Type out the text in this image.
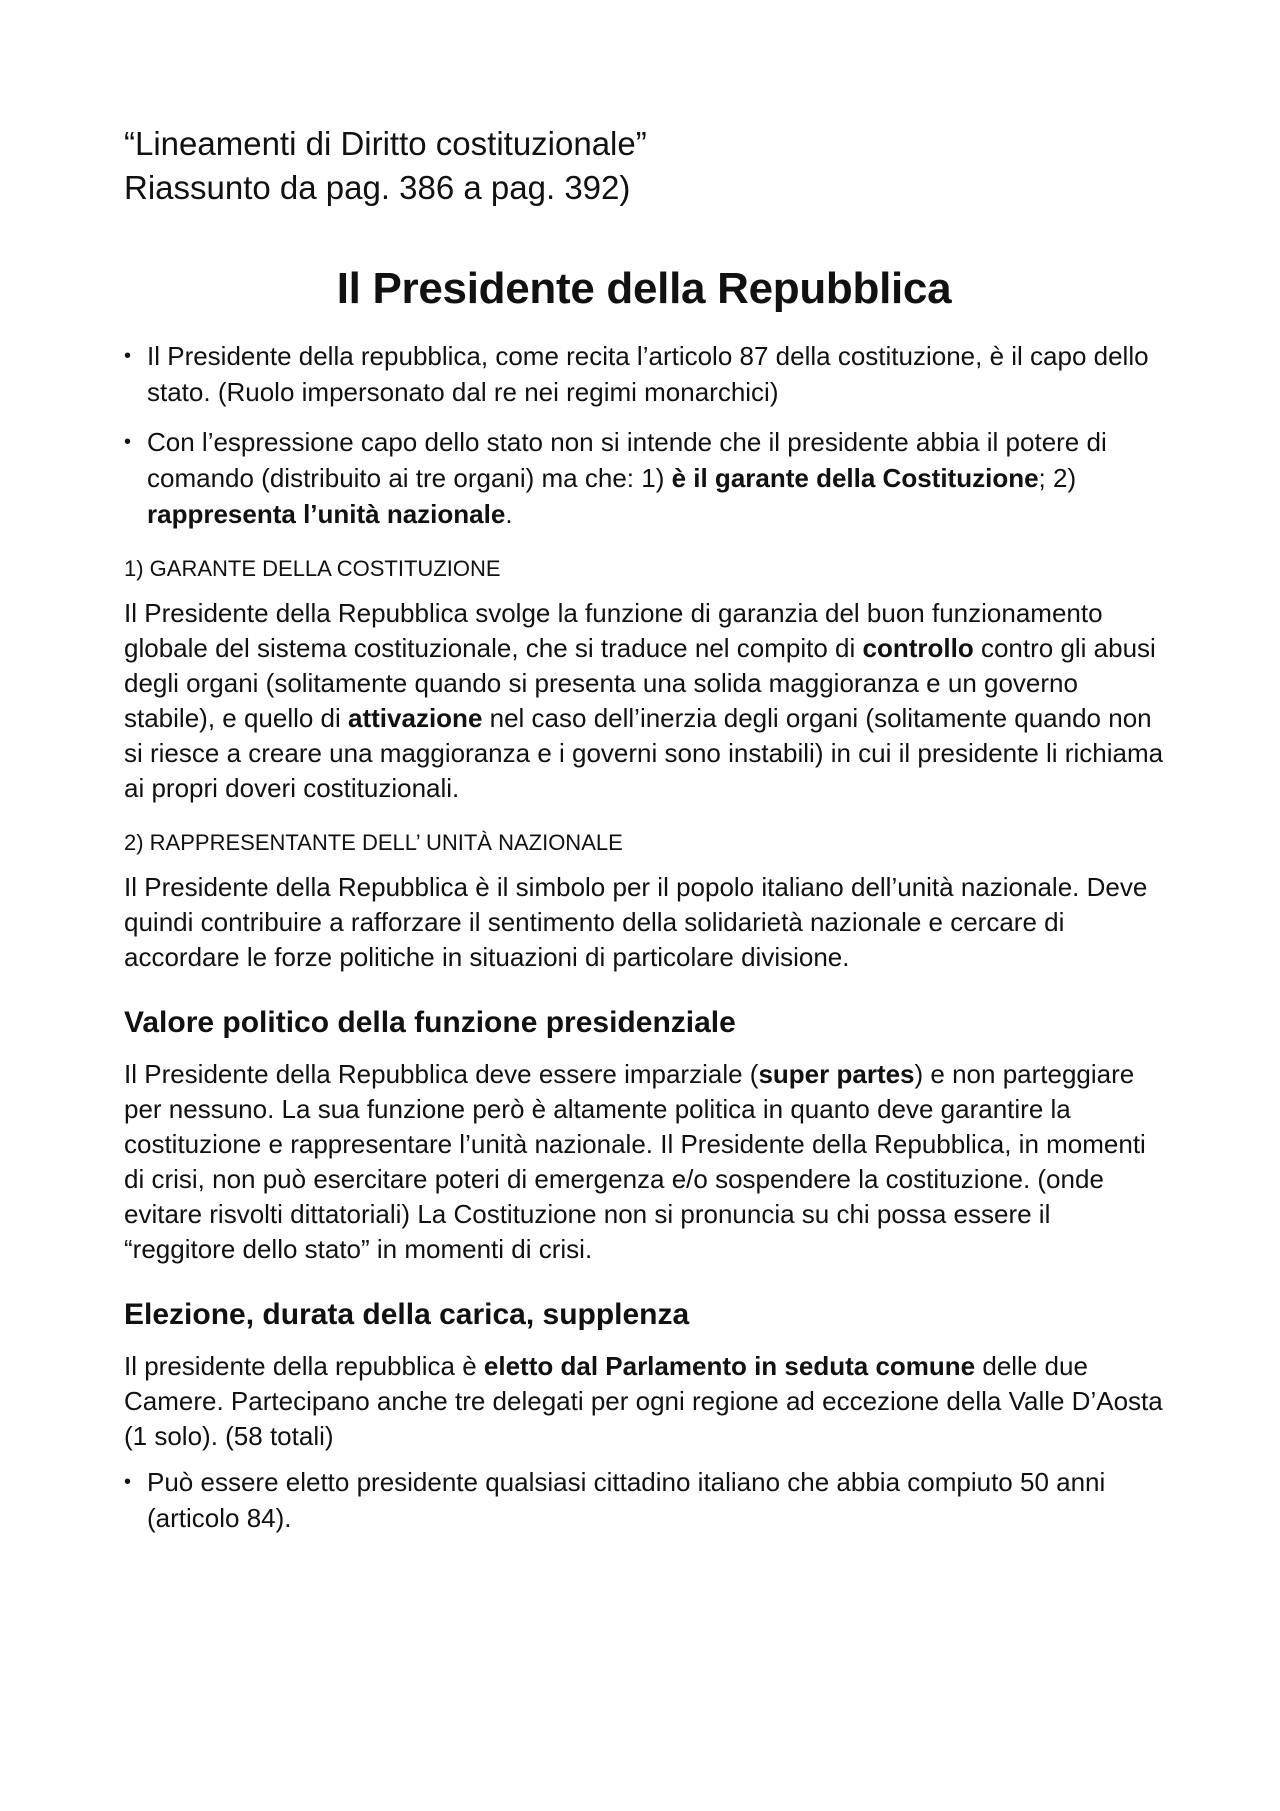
“Lineamenti di Diritto costituzionale”

Riassunto da pag. 386 a pag. 392)

Il Presidente della Repubblica
• Il Presidente della repubblica, come recita l’articolo 87 della costituzione, è il capo dello stato. (Ruolo impersonato dal re nei regimi monarchici)
• Con l’espressione capo dello stato non si intende che il presidente abbia il potere di comando (distribuito ai tre organi) ma che: 1) è il garante della Costituzione; 2) rappresenta l’unità nazionale.
1) GARANTE DELLA COSTITUZIONE

Il Presidente della Repubblica svolge la funzione di garanzia del buon funzionamento globale del sistema costituzionale, che si traduce nel compito di controllo contro gli abusi degli organi (solitamente quando si presenta una solida maggioranza e un governo stabile), e quello di attivazione nel caso dell’inerzia degli organi (solitamente quando non si riesce a creare una maggioranza e i governi sono instabili) in cui il presidente li richiama ai propri doveri costituzionali.

2) RAPPRESENTANTE DELL’ UNITÀ NAZIONALE

Il Presidente della Repubblica è il simbolo per il popolo italiano dell’unità nazionale. Deve quindi contribuire a rafforzare il sentimento della solidarietà nazionale e cercare di accordare le forze politiche in situazioni di particolare divisione.

Valore politico della funzione presidenziale

Il Presidente della Repubblica deve essere imparziale (super partes) e non parteggiare per nessuno. La sua funzione però è altamente politica in quanto deve garantire la costituzione e rappresentare l’unità nazionale. Il Presidente della Repubblica, in momenti di crisi, non può esercitare poteri di emergenza e/o sospendere la costituzione. (onde evitare risvolti dittatoriali) La Costituzione non si pronuncia su chi possa essere il “reggitore dello stato” in momenti di crisi.

Elezione, durata della carica, supplenza

Il presidente della repubblica è eletto dal Parlamento in seduta comune delle due Camere. Partecipano anche tre delegati per ogni regione ad eccezione della Valle D’Aosta (1 solo). (58 totali)

• Può essere eletto presidente qualsiasi cittadino italiano che abbia compiuto 50 anni (articolo 84).
